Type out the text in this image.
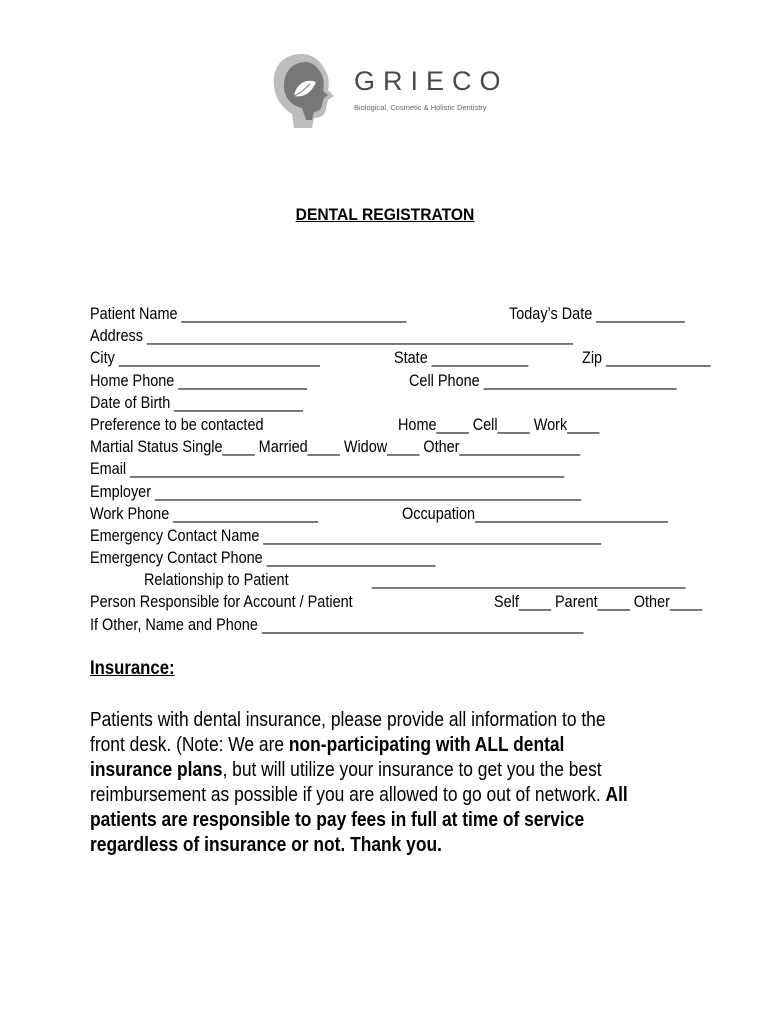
GRIECO
Biological, Cosmetic & Holistic Dentistry
DENTAL REGISTRATON
Patient Name ____________________________	Today’s Date ___________
Address _____________________________________________________
City _________________________	State ____________	Zip _____________
Home Phone ________________	Cell Phone ________________________
Date of Birth ________________
Preference to be contacted	Home____ Cell____ Work____
Martial Status Single____ Married____ Widow____ Other_______________
Email ______________________________________________________
Employer _____________________________________________________
Work Phone __________________	Occupation________________________
Emergency Contact Name __________________________________________
Emergency Contact Phone _____________________
Relationship to Patient	_______________________________________
Person Responsible for Account / Patient	Self____ Parent____ Other____
If Other, Name and Phone ________________________________________
Insurance:

Patients with dental insurance, please provide all information to the

front desk. (Note: We are non-participating with ALL dental

insurance plans, but will utilize your insurance to get you the best

reimbursement as possible if you are allowed to go out of network. All

patients are responsible to pay fees in full at time of service

regardless of insurance or not. Thank you.
